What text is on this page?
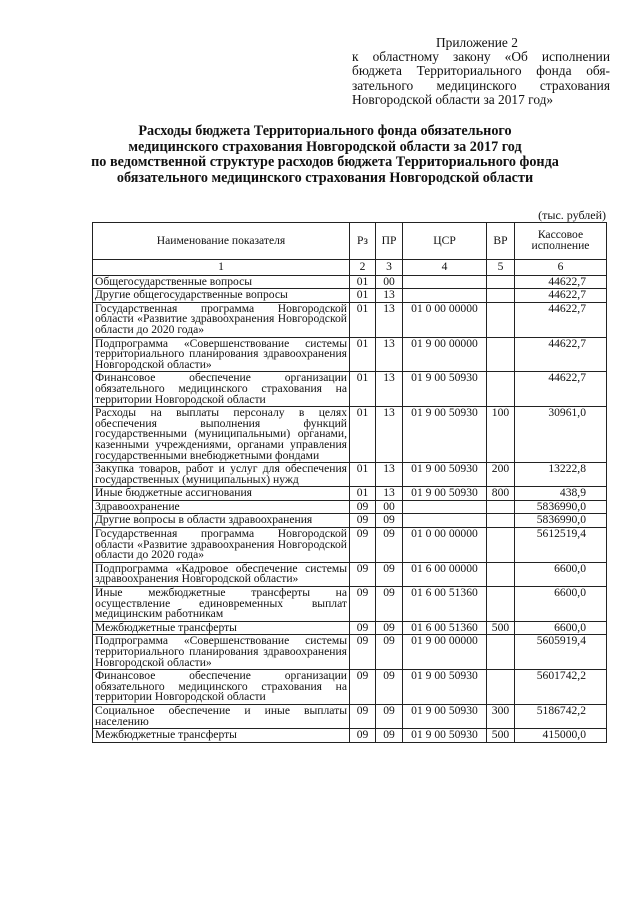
Приложение 2
к областному закону «Об исполнении
бюджета Территориального фонда обя-
зательного медицинского страхования
Новгородской области за 2017 год»
Расходы бюджета Территориального фонда обязательного
медицинского страхования Новгородской области за 2017 год
по ведомственной структуре расходов бюджета Территориального фонда
обязательного медицинского страхования Новгородской области
(тыс. рублей)
Наименование показателя	Рз	ПР	ЦСР	ВР	Кассовое исполнение
1	2	3	4	5	6
Общегосударственные вопросы	01	00			44622,7
Другие общегосударственные вопросы	01	13			44622,7
Государственная программа Новгородской области «Развитие здравоохранения Новгородской области до 2020 года»	01	13	01 0 00 00000		44622,7
Подпрограмма «Совершенствование системы территориального планирования здравоохранения Новгородской области»	01	13	01 9 00 00000		44622,7
Финансовое обеспечение организации обязательного медицинского страхования на территории Новгородской области	01	13	01 9 00 50930		44622,7
Расходы на выплаты персоналу в целях обеспечения выполнения функций государственными (муниципальными) органами, казенными учреждениями, органами управления государственными внебюджетными фондами	01	13	01 9 00 50930	100	30961,0
Закупка товаров, работ и услуг для обеспечения государственных (муниципальных) нужд	01	13	01 9 00 50930	200	13222,8
Иные бюджетные ассигнования	01	13	01 9 00 50930	800	438,9
Здравоохранение	09	00			5836990,0
Другие вопросы в области здравоохранения	09	09			5836990,0
Государственная программа Новгородской области «Развитие здравоохранения Новгородской области до 2020 года»	09	09	01 0 00 00000		5612519,4
Подпрограмма «Кадровое обеспечение системы здравоохранения Новгородской области»	09	09	01 6 00 00000		6600,0
Иные межбюджетные трансферты на осуществление единовременных выплат медицинским работникам	09	09	01 6 00 51360		6600,0
Межбюджетные трансферты	09	09	01 6 00 51360	500	6600,0
Подпрограмма «Совершенствование системы территориального планирования здравоохранения Новгородской области»	09	09	01 9 00 00000		5605919,4
Финансовое обеспечение организации обязательного медицинского страхования на территории Новгородской области	09	09	01 9 00 50930		5601742,2
Социальное обеспечение и иные выплаты населению	09	09	01 9 00 50930	300	5186742,2
Межбюджетные трансферты	09	09	01 9 00 50930	500	415000,0
